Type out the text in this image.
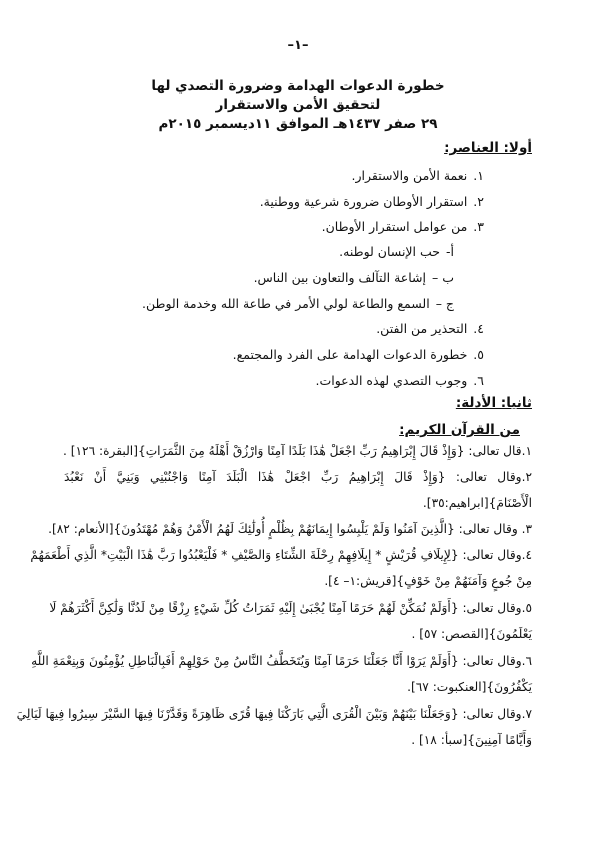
–١–
خطورة الدعوات الهدامة وضرورة التصدي لها
لتحقيق الأمن والاستقرار
٢٩ صفر ١٤٣٧هـ الموافق ١١ديسمبر ٢٠١٥م
أولا: العناصر:
١.
نعمة الأمن والاستقرار.
٢.
استقرار الأوطان ضرورة شرعية ووطنية.
٣.
من عوامل استقرار الأوطان.
أ-
حب الإنسان لوطنه.
ب –
إشاعة التآلف والتعاون بين الناس.
ج –
السمع والطاعة لولي الأمر في طاعة الله وخدمة الوطن.
٤.
التحذير من الفتن.
٥.
خطورة الدعوات الهدامة على الفرد والمجتمع.
٦.
وجوب التصدي لهذه الدعوات.
ثانيا: الأدلة:
من القرآن الكريم:
١.قال تعالى: {وَإِذْ قَالَ إِبْرَاهِيمُ رَبِّ اجْعَلْ هَٰذَا بَلَدًا آمِنًا وَارْزُقْ أَهْلَهُ مِنَ الثَّمَرَاتِ}[البقرة: ١٢٦] .
٢.وقال تعالى: {وَإِذْ قَالَ إِبْرَاهِيمُ رَبِّ اجْعَلْ هَٰذَا الْبَلَدَ آمِنًا وَاجْنُبْنِي وَبَنِيَّ أَنْ نَعْبُدَ
الْأَصْنَامَ}[ابراهيم:٣٥].
٣. وقال تعالى: {الَّذِينَ آمَنُوا وَلَمْ يَلْبِسُوا إِيمَانَهُمْ بِظُلْمٍ أُولَٰئِكَ لَهُمُ الْأَمْنُ وَهُمْ مُهْتَدُونَ}[الأنعام: ٨٢].
٤.وقال تعالى: {لِإِيلَافِ قُرَيْشٍ * إِيلَافِهِمْ رِحْلَةَ الشِّتَاءِ وَالصَّيْفِ * فَلْيَعْبُدُوا رَبَّ هَٰذَا الْبَيْتِ* الَّذِي أَطْعَمَهُمْ
مِنْ جُوعٍ وَآمَنَهُمْ مِنْ خَوْفٍ}[قريش:١– ٤].
٥.وقال تعالى: {أَوَلَمْ نُمَكِّنْ لَهُمْ حَرَمًا آمِنًا يُجْبَىٰ إِلَيْهِ ثَمَرَاتُ كُلِّ شَيْءٍ رِزْقًا مِنْ لَدُنَّا وَلَٰكِنَّ أَكْثَرَهُمْ لَا
يَعْلَمُونَ}[القصص: ٥٧] .
٦.وقال تعالى: {أَوَلَمْ يَرَوْا أَنَّا جَعَلْنَا حَرَمًا آمِنًا وَيُتَخَطَّفُ النَّاسُ مِنْ حَوْلِهِمْ أَفَبِالْبَاطِلِ يُؤْمِنُونَ وَبِنِعْمَةِ اللَّهِ
يَكْفُرُونَ}[العنكبوت: ٦٧].
٧.وقال تعالى: {وَجَعَلْنَا بَيْنَهُمْ وَبَيْنَ الْقُرَى الَّتِي بَارَكْنَا فِيهَا قُرًى ظَاهِرَةً وَقَدَّرْنَا فِيهَا السَّيْرَ سِيرُوا فِيهَا لَيَالِيَ
وَأَيَّامًا آمِنِينَ}[سبأ: ١٨] .
